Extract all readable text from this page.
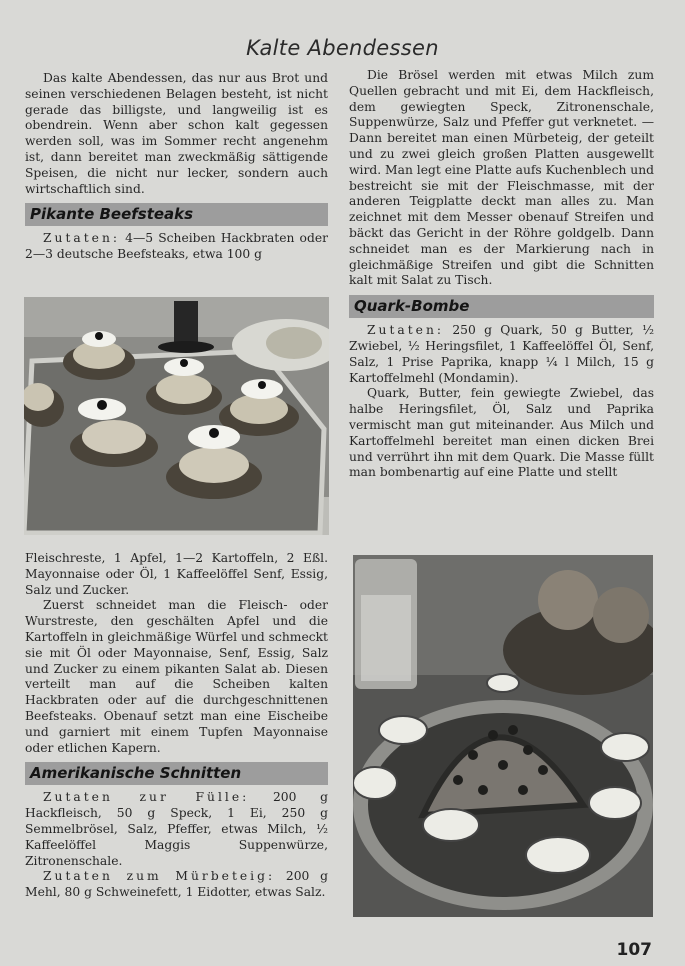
Kalte Abendessen

Das kalte Abendessen, das nur aus Brot und seinen verschiedenen Belagen besteht, ist nicht gerade das billigste, und langweilig ist es obendrein. Wenn aber schon kalt gegessen werden soll, was im Sommer recht angenehm ist, dann bereitet man zweckmäßig sättigende Speisen, die nicht nur lecker, sondern auch wirtschaftlich sind.

Pikante Beefsteaks

Zutaten: 4—5 Scheiben Hackbraten oder 2—3 deutsche Beefsteaks, etwa 100 g

Fleischreste, 1 Apfel, 1—2 Kartoffeln, 2 Eßl. Mayonnaise oder Öl, 1 Kaffeelöffel Senf, Essig, Salz und Zucker.

Zuerst schneidet man die Fleisch- oder Wurstreste, den geschälten Apfel und die Kartoffeln in gleichmäßige Würfel und schmeckt sie mit Öl oder Mayonnaise, Senf, Essig, Salz und Zucker zu einem pikanten Salat ab. Diesen verteilt man auf die Scheiben kalten Hackbraten oder auf die durchgeschnittenen Beefsteaks. Obenauf setzt man eine Eischeibe und garniert mit einem Tupfen Mayonnaise oder etlichen Kapern.

Amerikanische Schnitten

Zutaten zur Fülle: 200 g Hackfleisch, 50 g Speck, 1 Ei, 250 g Semmelbrösel, Salz, Pfeffer, etwas Milch, ½ Kaffeelöffel Maggis Suppenwürze, Zitronenschale.

Zutaten zum Mürbeteig: 200 g Mehl, 80 g Schweinefett, 1 Eidotter, etwas Salz.

Die Brösel werden mit etwas Milch zum Quellen gebracht und mit Ei, dem Hackfleisch, dem gewiegten Speck, Zitronenschale, Suppenwürze, Salz und Pfeffer gut verknetet. — Dann bereitet man einen Mürbeteig, der geteilt und zu zwei gleich großen Platten ausgewellt wird. Man legt eine Platte aufs Kuchenblech und bestreicht sie mit der Fleischmasse, mit der anderen Teigplatte deckt man alles zu. Man zeichnet mit dem Messer obenauf Streifen und bäckt das Gericht in der Röhre goldgelb. Dann schneidet man es der Markierung nach in gleichmäßige Streifen und gibt die Schnitten kalt mit Salat zu Tisch.

Quark-Bombe

Zutaten: 250 g Quark, 50 g Butter, ½ Zwiebel, ½ Heringsfilet, 1 Kaffeelöffel Öl, Senf, Salz, 1 Prise Paprika, knapp ¼ l Milch, 15 g Kartoffelmehl (Mondamin).

Quark, Butter, fein gewiegte Zwiebel, das halbe Heringsfilet, Öl, Salz und Paprika vermischt man gut miteinander. Aus Milch und Kartoffelmehl bereitet man einen dicken Brei und verrührt ihn mit dem Quark. Die Masse füllt man bombenartig auf eine Platte und stellt

107
